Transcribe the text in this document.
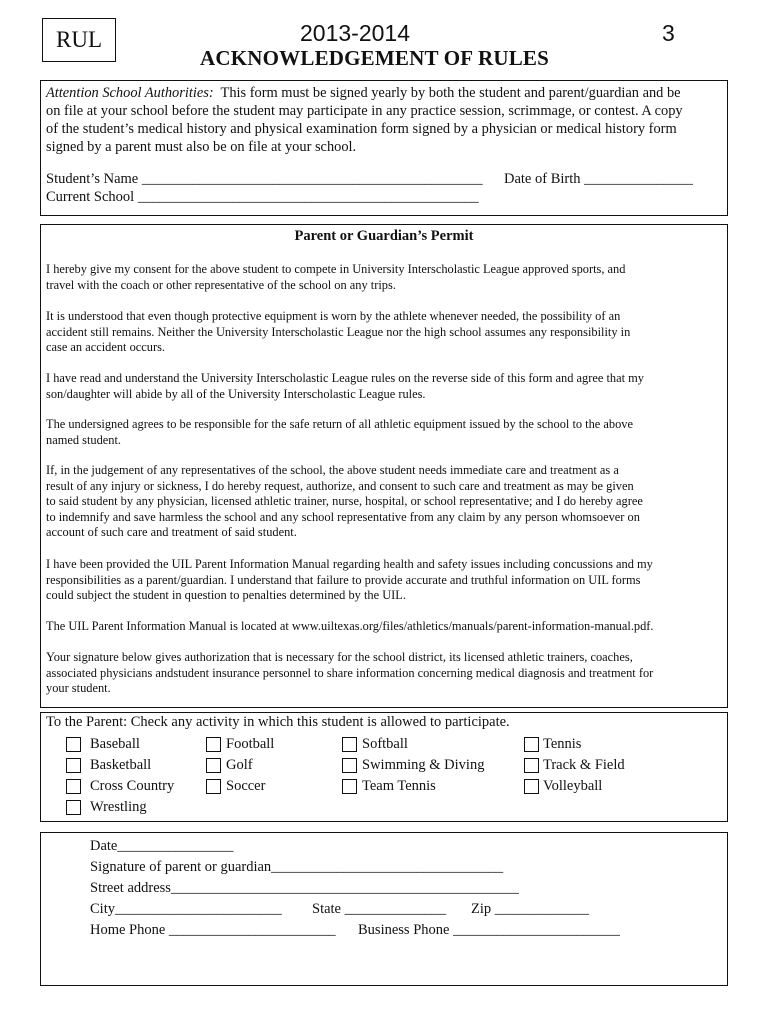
RUL	2013-2014	3
ACKNOWLEDGEMENT OF RULES
Attention School Authorities: This form must be signed yearly by both the student and parent/guardian and be
on file at your school before the student may participate in any practice session, scrimmage, or contest. A copy
of the student’s medical history and physical examination form signed by a physician or medical history form
signed by a parent must also be on file at your school.
Student’s Name _______________________________________________ Date of Birth _______________
Current School _______________________________________________
Parent or Guardian’s Permit
I hereby give my consent for the above student to compete in University Interscholastic League approved sports, and
travel with the coach or other representative of the school on any trips.
It is understood that even though protective equipment is worn by the athlete whenever needed, the possibility of an
accident still remains. Neither the University Interscholastic League nor the high school assumes any responsibility in
case an accident occurs.
I have read and understand the University Interscholastic League rules on the reverse side of this form and agree that my
son/daughter will abide by all of the University Interscholastic League rules.
The undersigned agrees to be responsible for the safe return of all athletic equipment issued by the school to the above
named student.
If, in the judgement of any representatives of the school, the above student needs immediate care and treatment as a
result of any injury or sickness, I do hereby request, authorize, and consent to such care and treatment as may be given
to said student by any physician, licensed athletic trainer, nurse, hospital, or school representative; and I do hereby agree
to indemnify and save harmless the school and any school representative from any claim by any person whomsoever on
account of such care and treatment of said student.
I have been provided the UIL Parent Information Manual regarding health and safety issues including concussions and my
responsibilities as a parent/guardian. I understand that failure to provide accurate and truthful information on UIL forms
could subject the student in question to penalties determined by the UIL.
The UIL Parent Information Manual is located at www.uiltexas.org/files/athletics/manuals/parent-information-manual.pdf.
Your signature below gives authorization that is necessary for the school district, its licensed athletic trainers, coaches,
associated physicians andstudent insurance personnel to share information concerning medical diagnosis and treatment for
your student.
To the Parent: Check any activity in which this student is allowed to participate.
Baseball
Basketball
Cross Country
Wrestling
Football
Golf
Soccer
Softball
Swimming & Diving
Team Tennis
Tennis
Track & Field
Volleyball
Date________________
Signature of parent or guardian________________________________
Street address________________________________________________
City_______________________ State ______________ Zip _____________
Home Phone _______________________ Business Phone _______________________
